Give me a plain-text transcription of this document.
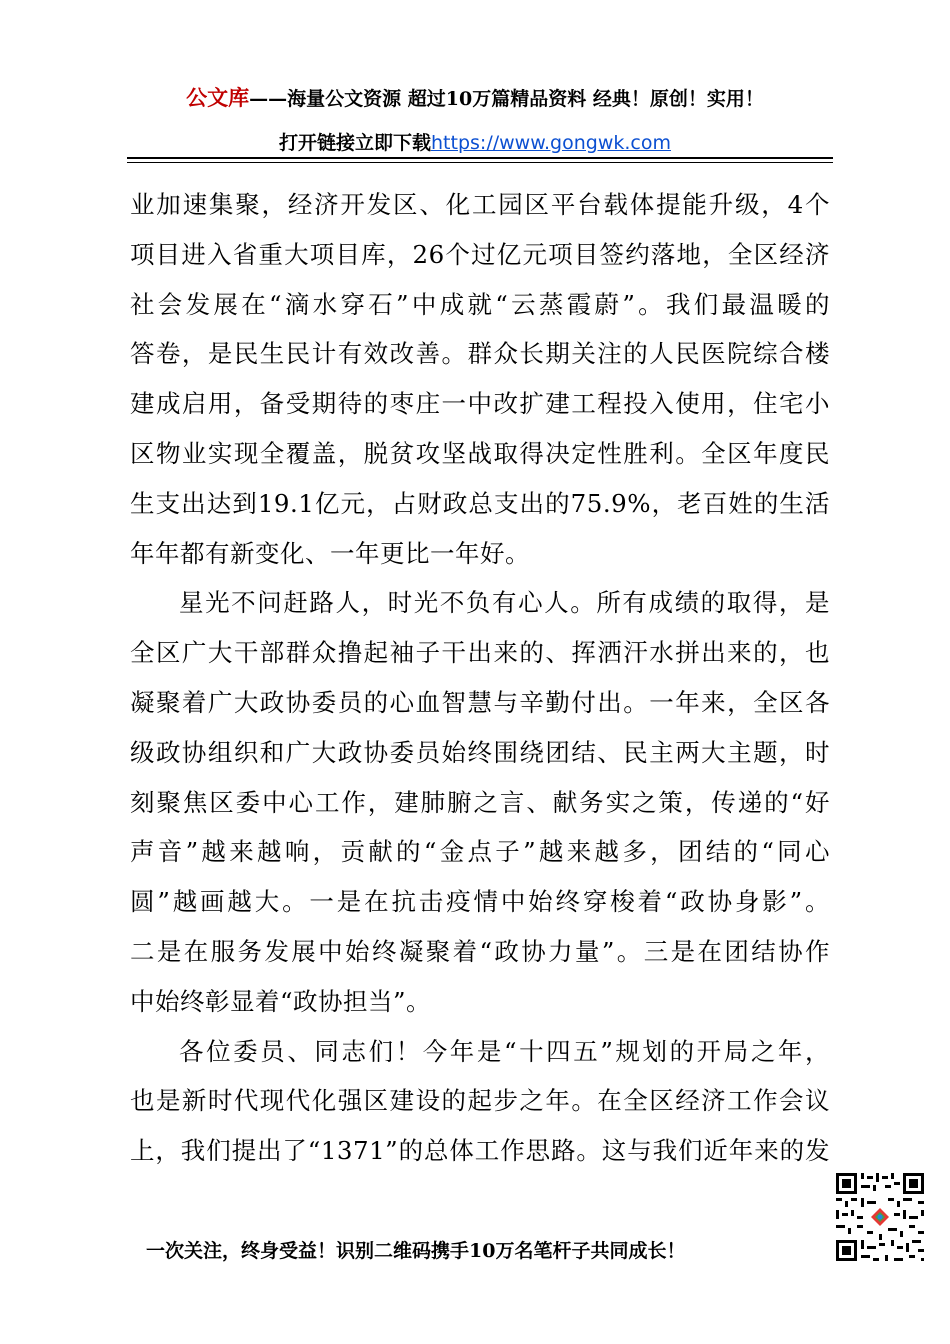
公文库——海量公文资源 超过10万篇精品资料 经典！原创！实用！
打开链接立即下载https://www.gongwk.com
业加速集聚，经济开发区、化工园区平台载体提能升级，4个
项目进入省重大项目库，26个过亿元项目签约落地，全区经济
社会发展在“滴水穿石”中成就“云蒸霞蔚”。我们最温暖的
答卷，是民生民计有效改善。群众长期关注的人民医院综合楼
建成启用，备受期待的枣庄一中改扩建工程投入使用，住宅小
区物业实现全覆盖，脱贫攻坚战取得决定性胜利。全区年度民
生支出达到19.1亿元，占财政总支出的75.9%，老百姓的生活
年年都有新变化、一年更比一年好。
星光不问赶路人，时光不负有心人。所有成绩的取得，是
全区广大干部群众撸起袖子干出来的、挥洒汗水拼出来的，也
凝聚着广大政协委员的心血智慧与辛勤付出。一年来，全区各
级政协组织和广大政协委员始终围绕团结、民主两大主题，时
刻聚焦区委中心工作，建肺腑之言、献务实之策，传递的“好
声音”越来越响，贡献的“金点子”越来越多，团结的“同心
圆”越画越大。一是在抗击疫情中始终穿梭着“政协身影”。
二是在服务发展中始终凝聚着“政协力量”。三是在团结协作
中始终彰显着“政协担当”。
各位委员、同志们！今年是“十四五”规划的开局之年，
也是新时代现代化强区建设的起步之年。在全区经济工作会议
上，我们提出了“1371”的总体工作思路。这与我们近年来的发
一次关注，终身受益！识别二维码携手10万名笔杆子共同成长！
